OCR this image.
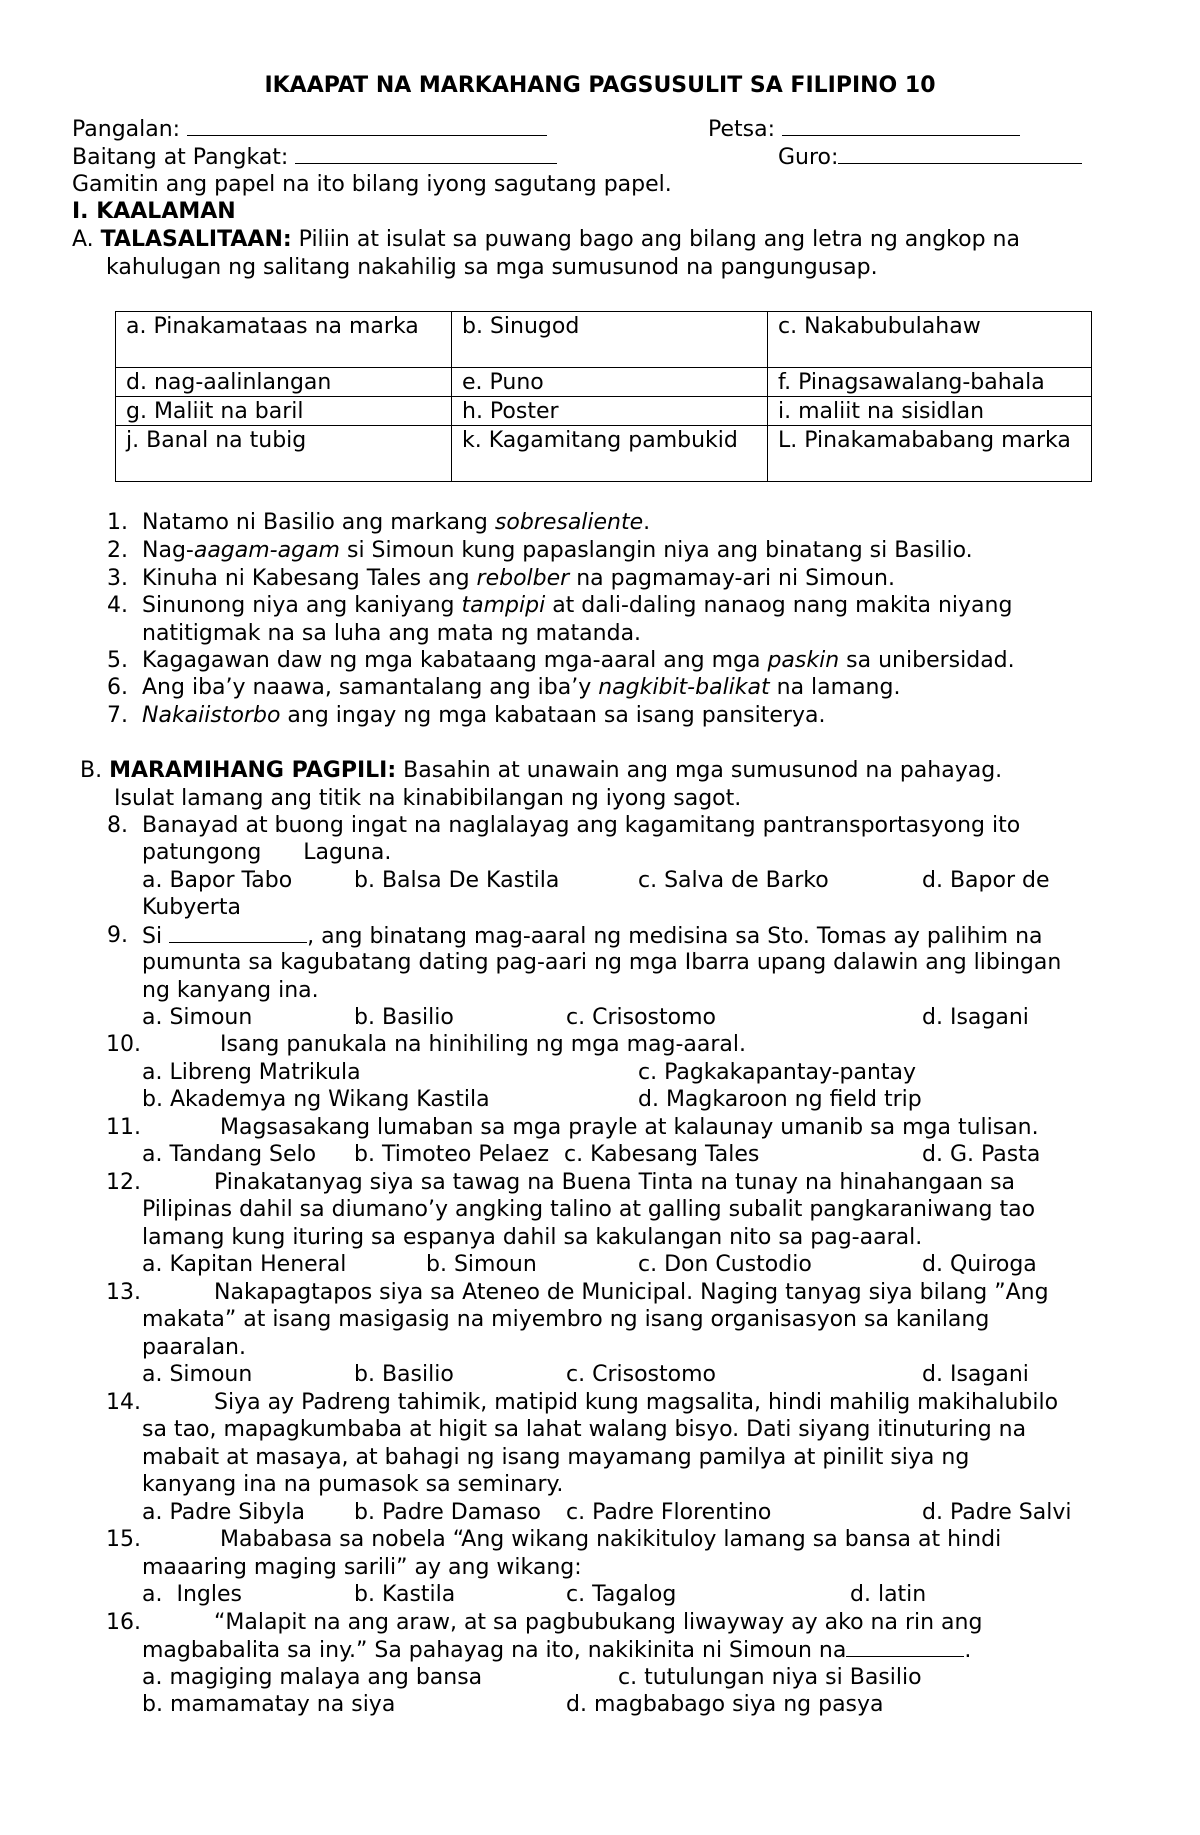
IKAAPAT NA MARKAHANG PAGSUSULIT SA FILIPINO 10
Pangalan:	Petsa:
Baitang at Pangkat:	Guro:
Gamitin ang papel na ito bilang iyong sagutang papel.
I. KAALAMAN
A. TALASALITAAN: Piliin at isulat sa puwang bago ang bilang ang letra ng angkop na
kahulugan ng salitang nakahilig sa mga sumusunod na pangungusap.
a. Pinakamataas na marka	b. Sinugod	c. Nakabubulahaw
d. nag-aalinlangan	e. Puno	f. Pinagsawalang-bahala
g. Maliit na baril	h. Poster	i. maliit na sisidlan
j. Banal na tubig	k. Kagamitang pambukid	L. Pinakamababang marka
1. Natamo ni Basilio ang markang sobresaliente.
2. Nag-aagam-agam si Simoun kung papaslangin niya ang binatang si Basilio.
3. Kinuha ni Kabesang Tales ang rebolber na pagmamay-ari ni Simoun.
4. Sinunong niya ang kaniyang tampipi at dali-daling nanaog nang makita niyang
natitigmak na sa luha ang mata ng matanda.
5. Kagagawan daw ng mga kabataang mga-aaral ang mga paskin sa unibersidad.
6. Ang iba’y naawa, samantalang ang iba’y nagkibit-balikat na lamang.
7. Nakaiistorbo ang ingay ng mga kabataan sa isang pansiterya.
B. MARAMIHANG PAGPILI: Basahin at unawain ang mga sumusunod na pahayag.
Isulat lamang ang titik na kinabibilangan ng iyong sagot.
8. Banayad at buong ingat na naglalayag ang kagamitang pantransportasyong ito
patungong      Laguna.
a. Bapor Tabo	b. Balsa De Kastila	c. Salva de Barko	d. Bapor de
Kubyerta
9. Si	, ang binatang mag-aaral ng medisina sa Sto. Tomas ay palihim na
pumunta sa kagubatang dating pag-aari ng mga Ibarra upang dalawin ang libingan
ng kanyang ina.
a. Simoun	b. Basilio	c. Crisostomo	d. Isagani
10.	Isang panukala na hinihiling ng mga mag-aaral.
a. Libreng Matrikula	c. Pagkakapantay-pantay
b. Akademya ng Wikang Kastila	d. Magkaroon ng field trip
11.	Magsasakang lumaban sa mga prayle at kalaunay umanib sa mga tulisan.
a. Tandang Selo b. Timoteo Pelaez c. Kabesang Tales	d. G. Pasta
12.	Pinakatanyag siya sa tawag na Buena Tinta na tunay na hinahangaan sa
Pilipinas dahil sa diumano’y angking talino at galling subalit pangkaraniwang tao
lamang kung ituring sa espanya dahil sa kakulangan nito sa pag-aaral.
a. Kapitan Heneral	b. Simoun	c. Don Custodio	d. Quiroga
13.	Nakapagtapos siya sa Ateneo de Municipal. Naging tanyag siya bilang ”Ang
makata” at isang masigasig na miyembro ng isang organisasyon sa kanilang
paaralan.
a. Simoun	b. Basilio	c. Crisostomo	d. Isagani
14.	Siya ay Padreng tahimik, matipid kung magsalita, hindi mahilig makihalubilo
sa tao, mapagkumbaba at higit sa lahat walang bisyo. Dati siyang itinuturing na
mabait at masaya, at bahagi ng isang mayamang pamilya at pinilit siya ng
kanyang ina na pumasok sa seminary.
a. Padre Sibyla b. Padre Damaso c. Padre Florentino	d. Padre Salvi
15.	Mababasa sa nobela “Ang wikang nakikituloy lamang sa bansa at hindi
maaaring maging sarili” ay ang wikang:
a.  Ingles	b. Kastila	c. Tagalog	d. latin
16.	“Malapit na ang araw, at sa pagbubukang liwayway ay ako na rin ang
magbabalita sa iny.” Sa pahayag na ito, nakikinita ni Simoun na	.
a. magiging malaya ang bansa	c. tutulungan niya si Basilio
b. mamamatay na siya	d. magbabago siya ng pasya
